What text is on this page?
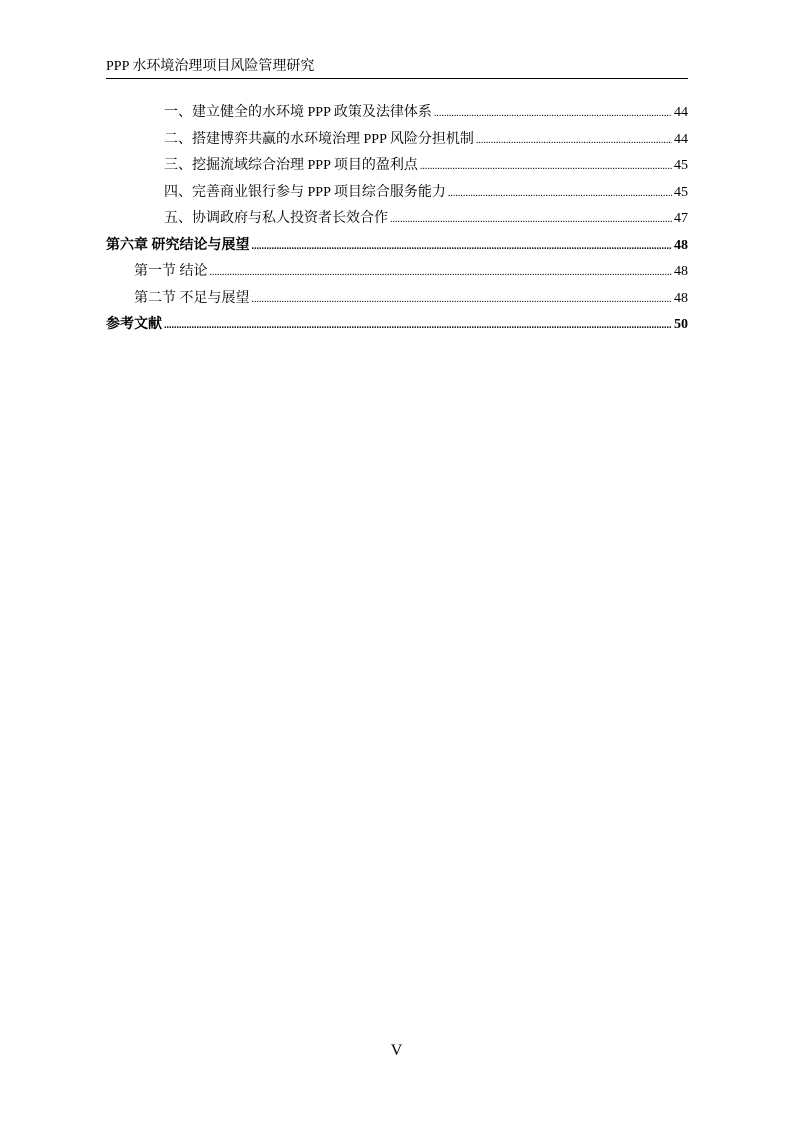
PPP 水环境治理项目风险管理研究
一、建立健全的水环境 PPP 政策及法律体系 .....	44
二、搭建博弈共赢的水环境治理 PPP 风险分担机制 .....	44
三、挖掘流域综合治理 PPP 项目的盈利点 .....	45
四、完善商业银行参与 PPP 项目综合服务能力 .....	45
五、协调政府与私人投资者长效合作 .....	47
第六章 研究结论与展望 .....	48
第一节 结论 .....	48
第二节 不足与展望 .....	48
参考文献 .....	50
V
